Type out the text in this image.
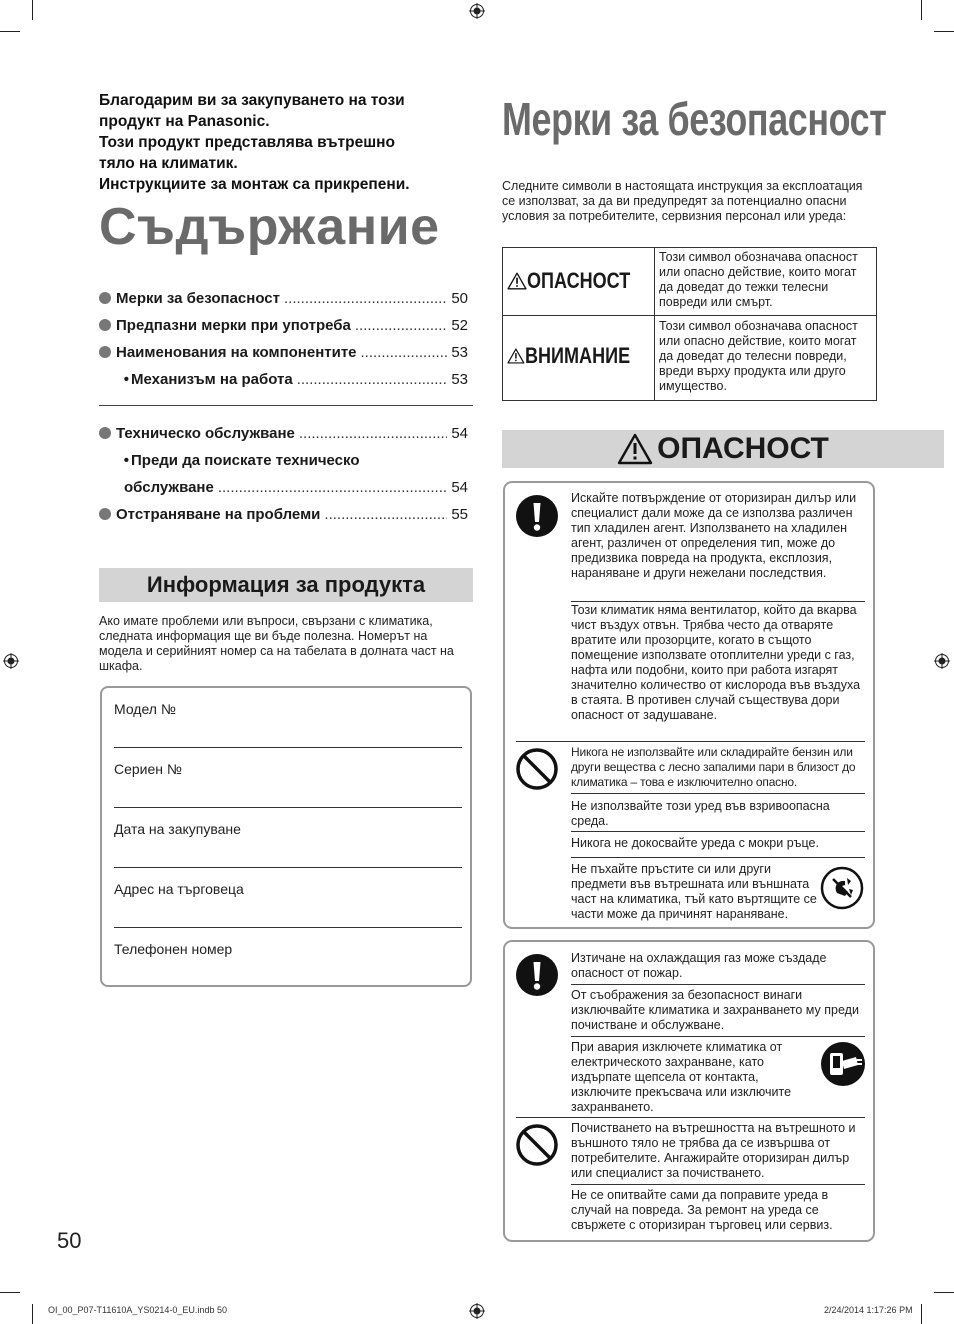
Благодарим ви за закупуването на този
продукт на Panasonic.
Този продукт представлява вътрешно
тяло на климатик.
Инструкциите за монтаж са прикрепени.
Съдържание
Мерки за безопасност .....	50
Предпазни мерки при употреба .....	52
Наименования на компонентите .....	53
• Механизъм на работа .....	53
Техническо обслужване .....	54
• Преди да поискате техническо
обслужване .....	54
Отстраняване на проблеми .....	55
Информация за продукта
Ако имате проблеми или въпроси, свързани с климатика, следната информация ще ви бъде полезна. Номерът на модела и серийният номер са на табелата в долната част на шкафа.
Модел №
Сериен №
Дата на закупуване
Адрес на търговеца
Телефонен номер
50
OI_00_P07-T11610A_YS0214-0_EU.indb 50	2/24/2014 1:17:26 PM
Мерки за безопасност
Следните символи в настоящата инструкция за експлоатация се използват, за да ви предупредят за потенциално опасни условия за потребителите, сервизния персонал или уреда:
ОПАСНОСТ
Този символ обозначава опасност или опасно действие, които могат да доведат до тежки телесни повреди или смърт.
ВНИМАНИЕ
Този символ обозначава опасност или опасно действие, които могат да доведат до телесни повреди, вреди върху продукта или друго имущество.
ОПАСНОСТ
Искайте потвърждение от оторизиран дилър или специалист дали може да се използва различен тип хладилен агент. Използването на хладилен агент, различен от определения тип, може до предизвика повреда на продукта, експлозия, нараняване и други нежелани последствия.
Този климатик няма вентилатор, който да вкарва чист въздух отвън. Трябва честo да отваряте вратите или прозорците, когато в същото помещение използвате отоплителни уреди с газ, нафта или подобни, които при работа изгарят значително количество от кислорода във въздуха в стаята. В противен случай съществува дори опасност от задушаване.
Никога не използвайте или складирайте бензин или други вещества с лесно запалими пари в близост до климатика – това е изключително опасно.
Не използвайте този уред във взривоопасна среда.
Никога не докосвайте уреда с мокри ръце.
Не пъхайте пръстите си или други предмети във вътрешната или външната част на климатика, тъй като въртящите се части може да причинят нараняване.
Изтичане на охлаждащия газ може създаде опасност от пожар.
От съображения за безопасност винаги изключвайте климатика и захранването му преди почистване и обслужване.
При авария изключете климатика от електрическото захранване, като издърпате щепсела от контакта, изключите прекъсвача или изключите захранването.
Почистването на вътрешността на вътрешното и външното тяло не трябва да се извършва от потребителите. Ангажирайте оторизиран дилър или специалист за почистването.
Не се опитвайте сами да поправите уреда в случай на повреда. За ремонт на уреда се свържете с оторизиран търговец или сервиз.
